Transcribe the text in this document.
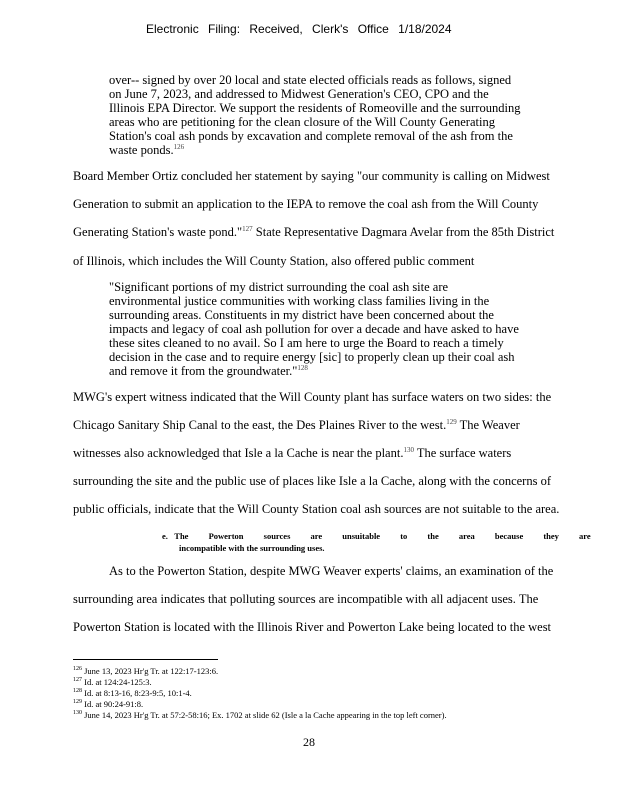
Electronic Filing: Received, Clerk's Office 1/18/2024
over-- signed by over 20 local and state elected officials reads as follows, signed
on June 7, 2023, and addressed to Midwest Generation's CEO, CPO and the
Illinois EPA Director. We support the residents of Romeoville and the surrounding
areas who are petitioning for the clean closure of the Will County Generating
Station's coal ash ponds by excavation and complete removal of the ash from the
waste ponds.$^{126}$
Board Member Ortiz concluded her statement by saying "our community is calling on Midwest
Generation to submit an application to the IEPA to remove the coal ash from the Will County
Generating Station's waste pond."$^{127}$ State Representative Dagmara Avelar from the 85th District
of Illinois, which includes the Will County Station, also offered public comment
"Significant portions of my district surrounding the coal ash site are
environmental justice communities with working class families living in the
surrounding areas. Constituents in my district have been concerned about the
impacts and legacy of coal ash pollution for over a decade and have asked to have
these sites cleaned to no avail. So I am here to urge the Board to reach a timely
decision in the case and to require energy [sic] to properly clean up their coal ash
and remove it from the groundwater."$^{128}$
MWG's expert witness indicated that the Will County plant has surface waters on two sides: the
Chicago Sanitary Ship Canal to the east, the Des Plaines River to the west.$^{129}$ The Weaver
witnesses also acknowledged that Isle a la Cache is near the plant.$^{130}$ The surface waters
surrounding the site and the public use of places like Isle a la Cache, along with the concerns of
public officials, indicate that the Will County Station coal ash sources are not suitable to the area.
e. The Powerton sources are unsuitable to the area because they are
incompatible with the surrounding uses.
As to the Powerton Station, despite MWG Weaver experts' claims, an examination of the
surrounding area indicates that polluting sources are incompatible with all adjacent uses. The
Powerton Station is located with the Illinois River and Powerton Lake being located to the west
$^{126}$ June 13, 2023 Hr'g Tr. at 122:17-123:6.
$^{127}$ Id. at 124:24-125:3.
$^{128}$ Id. at 8:13-16, 8:23-9:5, 10:1-4.
$^{129}$ Id. at 90:24-91:8.
$^{130}$ June 14, 2023 Hr'g Tr. at 57:2-58:16; Ex. 1702 at slide 62 (Isle a la Cache appearing in the top left corner).
28
